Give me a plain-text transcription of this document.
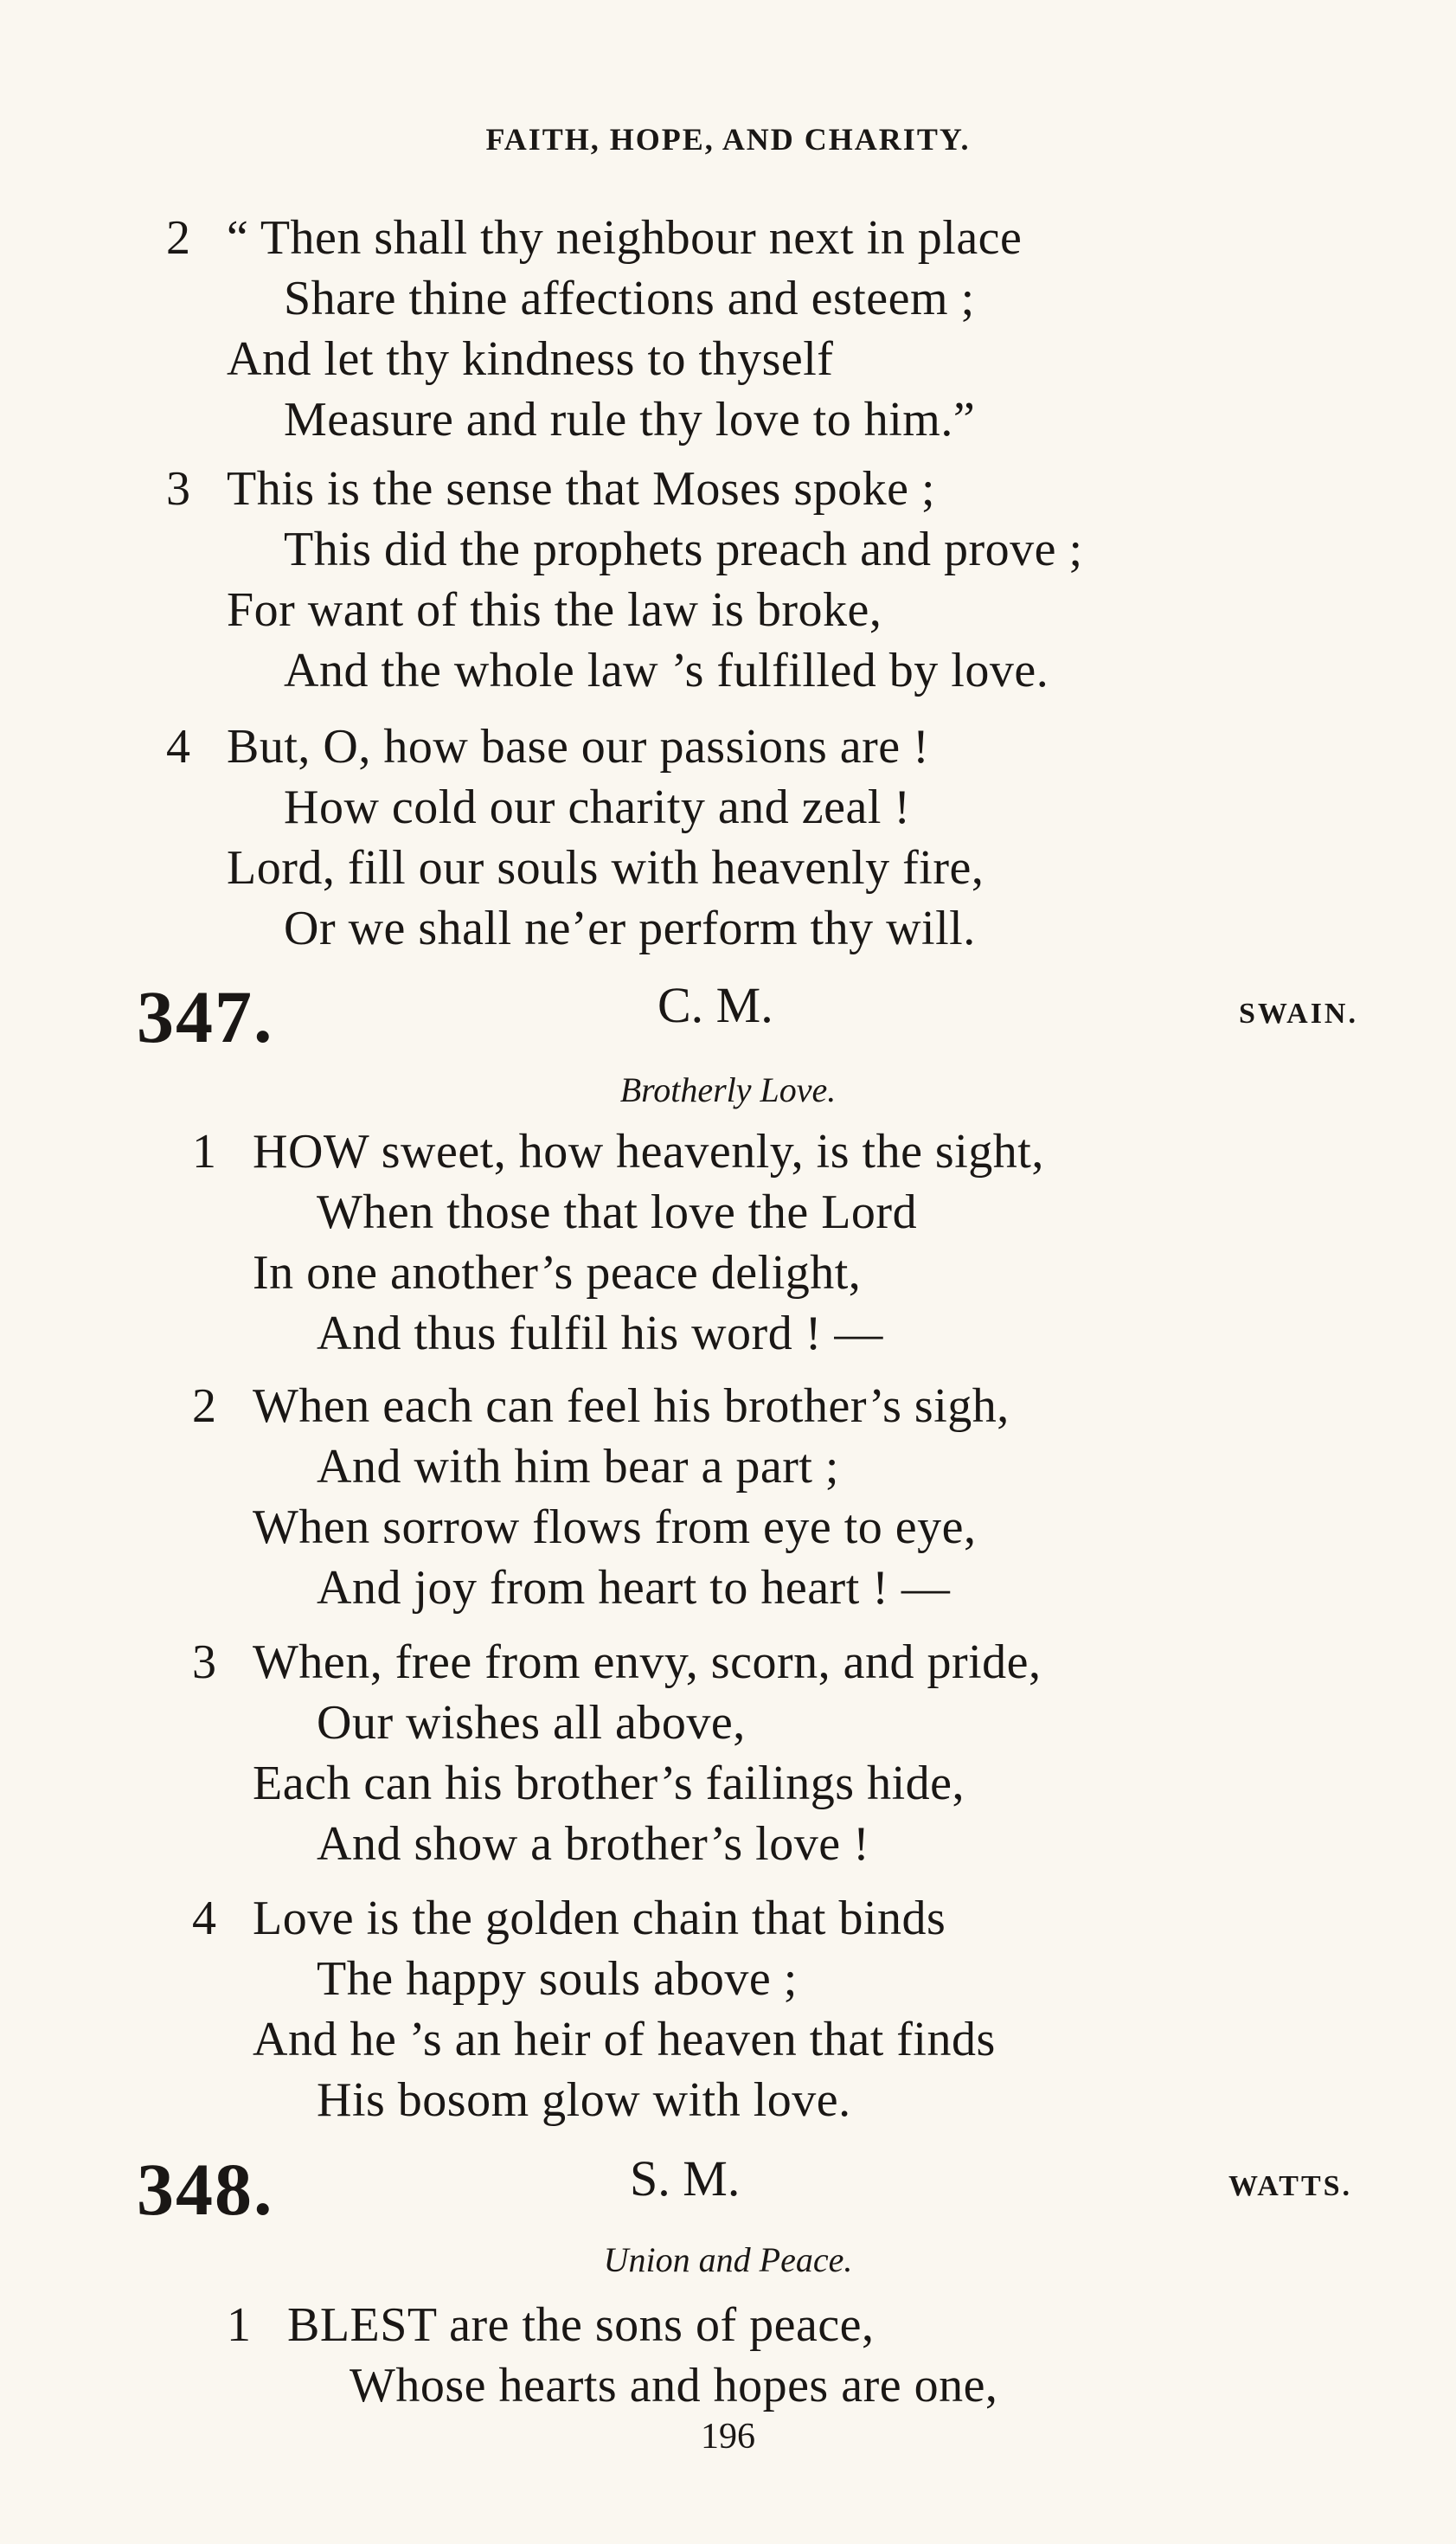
FAITH, HOPE, AND CHARITY.
2 “ Then shall thy neighbour next in place
Share thine affections and esteem ;
And let thy kindness to thyself
Measure and rule thy love to him.”
3 This is the sense that Moses spoke ;
This did the prophets preach and prove ;
For want of this the law is broke,
And the whole law ’s fulfilled by love.
4 But, O, how base our passions are !
How cold our charity and zeal !
Lord, fill our souls with heavenly fire,
Or we shall ne’er perform thy will.
347.	C. M.	SWAIN.
Brotherly Love.
1 HOW sweet, how heavenly, is the sight,
When those that love the Lord
In one another’s peace delight,
And thus fulfil his word ! —
2 When each can feel his brother’s sigh,
And with him bear a part ;
When sorrow flows from eye to eye,
And joy from heart to heart ! —
3 When, free from envy, scorn, and pride,
Our wishes all above,
Each can his brother’s failings hide,
And show a brother’s love !
4 Love is the golden chain that binds
The happy souls above ;
And he ’s an heir of heaven that finds
His bosom glow with love.
348.	S. M.	WATTS.
Union and Peace.
1 BLEST are the sons of peace,
Whose hearts and hopes are one,
196
